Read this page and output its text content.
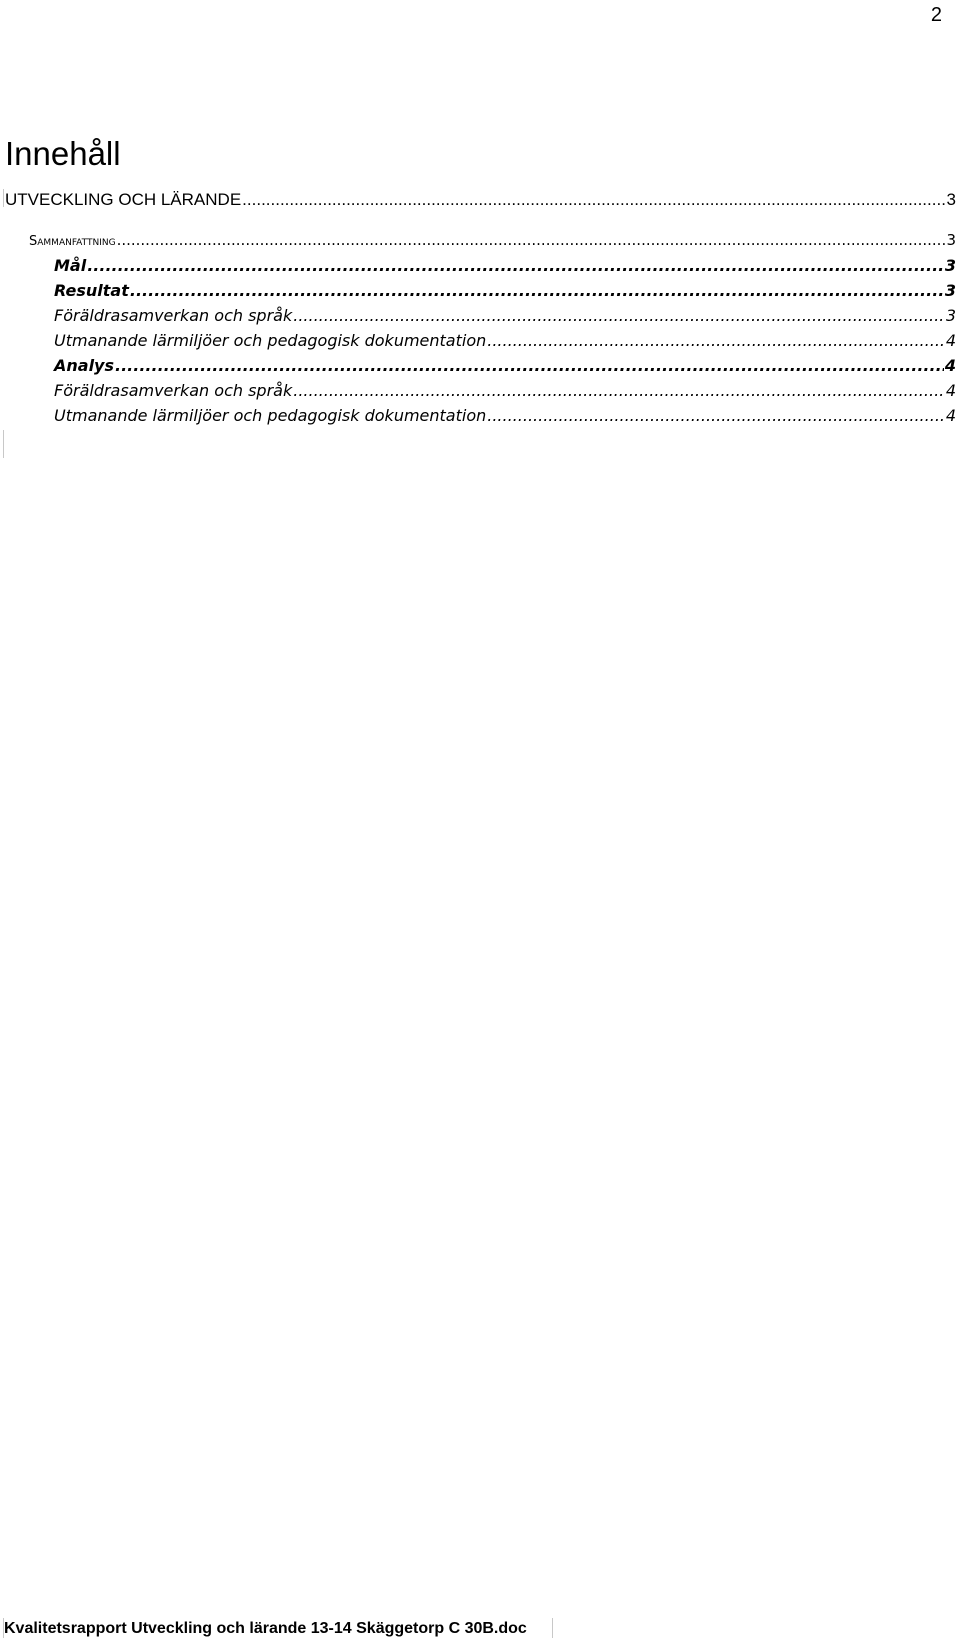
2
Innehåll
UTVECKLING OCH LÄRANDE .....	3
Sammanfattning .....	3
Mål .....	3
Resultat .....	3
Föräldrasamverkan och språk .....	3
Utmanande lärmiljöer och pedagogisk dokumentation .....	4
Analys .....	4
Föräldrasamverkan och språk .....	4
Utmanande lärmiljöer och pedagogisk dokumentation .....	4
Kvalitetsrapport Utveckling och lärande 13-14 Skäggetorp C 30B.doc
